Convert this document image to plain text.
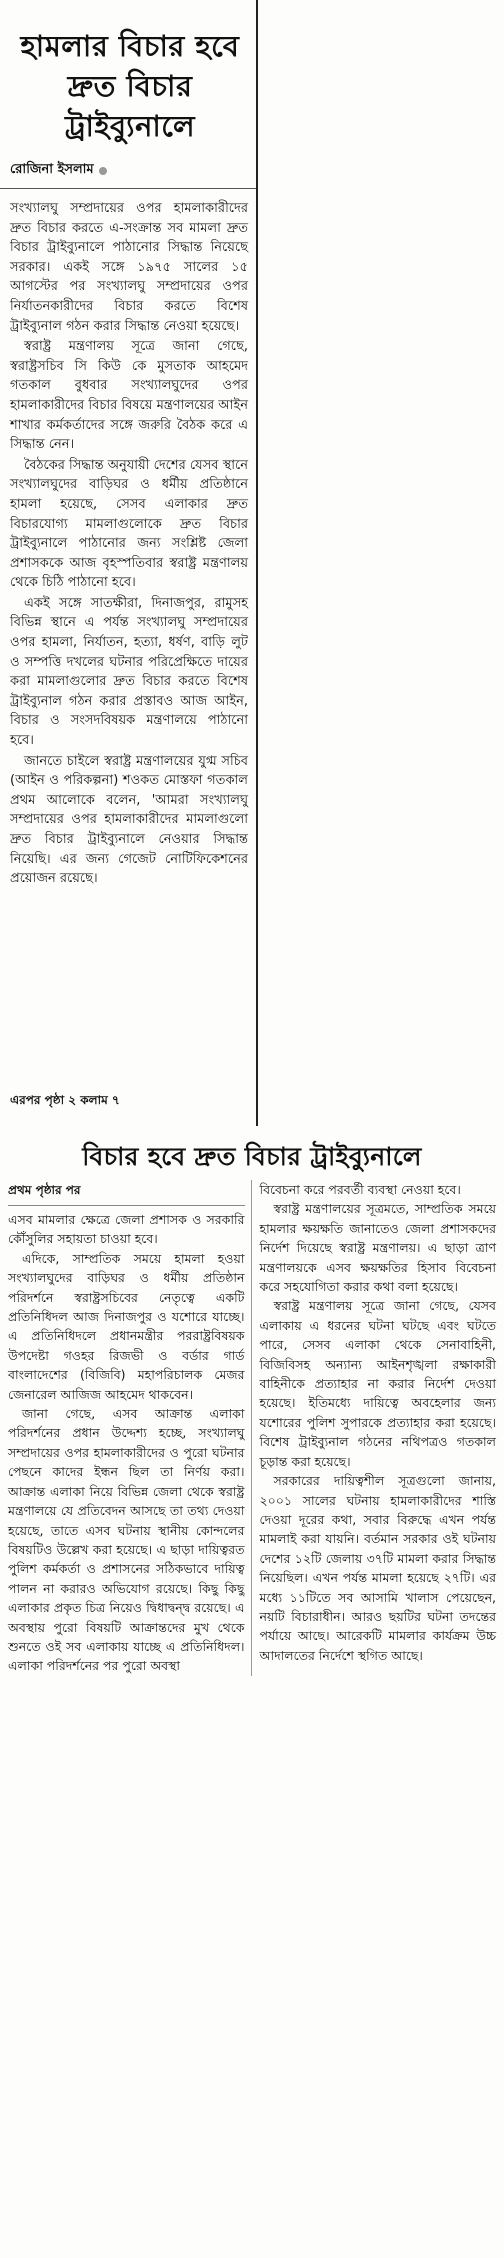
হামলার বিচার হবে দ্রুত বিচার ট্রাইব্যুনালে
রোজিনা ইসলাম

সংখ্যালঘু সম্প্রদায়ের ওপর হামলাকারীদের দ্রুত বিচার করতে এ-সংক্রান্ত সব মামলা দ্রুত বিচার ট্রাইব্যুনালে পাঠানোর সিদ্ধান্ত নিয়েছে সরকার। একই সঙ্গে ১৯৭৫ সালের ১৫ আগস্টের পর সংখ্যালঘু সম্প্রদায়ের ওপর নির্যাতনকারীদের বিচার করতে বিশেষ ট্রাইব্যুনাল গঠন করার সিদ্ধান্ত নেওয়া হয়েছে।

স্বরাষ্ট্র মন্ত্রণালয় সূত্রে জানা গেছে, স্বরাষ্ট্রসচিব সি কিউ কে মুসতাক আহমেদ গতকাল বুধবার সংখ্যালঘুদের ওপর হামলাকারীদের বিচার বিষয়ে মন্ত্রণালয়ের আইন শাখার কর্মকর্তাদের সঙ্গে জরুরি বৈঠক করে এ সিদ্ধান্ত নেন।

বৈঠকের সিদ্ধান্ত অনুযায়ী দেশের যেসব স্থানে সংখ্যালঘুদের বাড়িঘর ও ধর্মীয় প্রতিষ্ঠানে হামলা হয়েছে, সেসব এলাকার দ্রুত বিচারযোগ্য মামলাগুলোকে দ্রুত বিচার ট্রাইব্যুনালে পাঠানোর জন্য সংশ্লিষ্ট জেলা প্রশাসককে আজ বৃহস্পতিবার স্বরাষ্ট্র মন্ত্রণালয় থেকে চিঠি পাঠানো হবে।

একই সঙ্গে সাতক্ষীরা, দিনাজপুর, রামুসহ বিভিন্ন স্থানে এ পর্যন্ত সংখ্যালঘু সম্প্রদায়ের ওপর হামলা, নির্যাতন, হত্যা, ধর্ষণ, বাড়ি লুট ও সম্পত্তি দখলের ঘটনার পরিপ্রেক্ষিতে দায়ের করা মামলাগুলোর দ্রুত বিচার করতে বিশেষ ট্রাইব্যুনাল গঠন করার প্রস্তাবও আজ আইন, বিচার ও সংসদবিষয়ক মন্ত্রণালয়ে পাঠানো হবে।

জানতে চাইলে স্বরাষ্ট্র মন্ত্রণালয়ের যুগ্ম সচিব (আইন ও পরিকল্পনা) শওকত মোস্তফা গতকাল প্রথম আলোকে বলেন, 'আমরা সংখ্যালঘু সম্প্রদায়ের ওপর হামলাকারীদের মামলাগুলো দ্রুত বিচার ট্রাইব্যুনালে নেওয়ার সিদ্ধান্ত নিয়েছি। এর জন্য গেজেট নোটিফিকেশনের প্রয়োজন রয়েছে।

এরপর পৃষ্ঠা ২ কলাম ৭
বিচার হবে দ্রুত বিচার ট্রাইব্যুনালে
প্রথম পৃষ্ঠার পর

এসব মামলার ক্ষেত্রে জেলা প্রশাসক ও সরকারি কৌঁসুলির সহায়তা চাওয়া হবে।

এদিকে, সাম্প্রতিক সময়ে হামলা হওয়া সংখ্যালঘুদের বাড়িঘর ও ধর্মীয় প্রতিষ্ঠান পরিদর্শনে স্বরাষ্ট্রসচিবের নেতৃত্বে একটি প্রতিনিধিদল আজ দিনাজপুর ও যশোরে যাচ্ছে। এ প্রতিনিধিদলে প্রধানমন্ত্রীর পররাষ্ট্রবিষয়ক উপদেষ্টা গওহর রিজভী ও বর্ডার গার্ড বাংলাদেশের (বিজিবি) মহাপরিচালক মেজর জেনারেল আজিজ আহমেদ থাকবেন।

জানা গেছে, এসব আক্রান্ত এলাকা পরিদর্শনের প্রধান উদ্দেশ্য হচ্ছে, সংখ্যালঘু সম্প্রদায়ের ওপর হামলাকারীদের ও পুরো ঘটনার পেছনে কাদের ইন্ধন ছিল তা নির্ণয় করা। আক্রান্ত এলাকা নিয়ে বিভিন্ন জেলা থেকে স্বরাষ্ট্র মন্ত্রণালয়ে যে প্রতিবেদন আসছে তা তথ্য দেওয়া হয়েছে, তাতে এসব ঘটনায় স্থানীয় কোন্দলের বিষয়টিও উল্লেখ করা হয়েছে। এ ছাড়া দায়িত্বরত পুলিশ কর্মকর্তা ও প্রশাসনের সঠিকভাবে দায়িত্ব পালন না করারও অভিযোগ রয়েছে। কিছু কিছু এলাকার প্রকৃত চিত্র নিয়েও দ্বিধাদ্বন্দ্ব রয়েছে। এ অবস্থায় পুরো বিষয়টি আক্রান্তদের মুখ থেকে শুনতে ওই সব এলাকায় যাচ্ছে এ প্রতিনিধিদল। এলাকা পরিদর্শনের পর পুরো অবস্থা

বিবেচনা করে পরবর্তী ব্যবস্থা নেওয়া হবে।

স্বরাষ্ট্র মন্ত্রণালয়ের সূত্রমতে, সাম্প্রতিক সময়ে হামলার ক্ষয়ক্ষতি জানাতেও জেলা প্রশাসকদের নির্দেশ দিয়েছে স্বরাষ্ট্র মন্ত্রণালয়। এ ছাড়া ত্রাণ মন্ত্রণালয়কে এসব ক্ষয়ক্ষতির হিসাব বিবেচনা করে সহযোগিতা করার কথা বলা হয়েছে।

স্বরাষ্ট্র মন্ত্রণালয় সূত্রে জানা গেছে, যেসব এলাকায় এ ধরনের ঘটনা ঘটছে এবং ঘটতে পারে, সেসব এলাকা থেকে সেনাবাহিনী, বিজিবিসহ অন্যান্য আইনশৃঙ্খলা রক্ষাকারী বাহিনীকে প্রত্যাহার না করার নির্দেশ দেওয়া হয়েছে। ইতিমধ্যে দায়িত্বে অবহেলার জন্য যশোরের পুলিশ সুপারকে প্রত্যাহার করা হয়েছে। বিশেষ ট্রাইব্যুনাল গঠনের নথিপত্রও গতকাল চূড়ান্ত করা হয়েছে।

সরকারের দায়িত্বশীল সূত্রগুলো জানায়, ২০০১ সালের ঘটনায় হামলাকারীদের শাস্তি দেওয়া দূরের কথা, সবার বিরুদ্ধে এখন পর্যন্ত মামলাই করা যায়নি। বর্তমান সরকার ওই ঘটনায় দেশের ১২টি জেলায় ৩৭টি মামলা করার সিদ্ধান্ত নিয়েছিল। এখন পর্যন্ত মামলা হয়েছে ২৭টি। এর মধ্যে ১১টিতে সব আসামি খালাস পেয়েছেন, নয়টি বিচারাধীন। আরও ছয়টির ঘটনা তদন্তের পর্যায়ে আছে। আরেকটি মামলার কার্যক্রম উচ্চ আদালতের নির্দেশে স্থগিত আছে।
